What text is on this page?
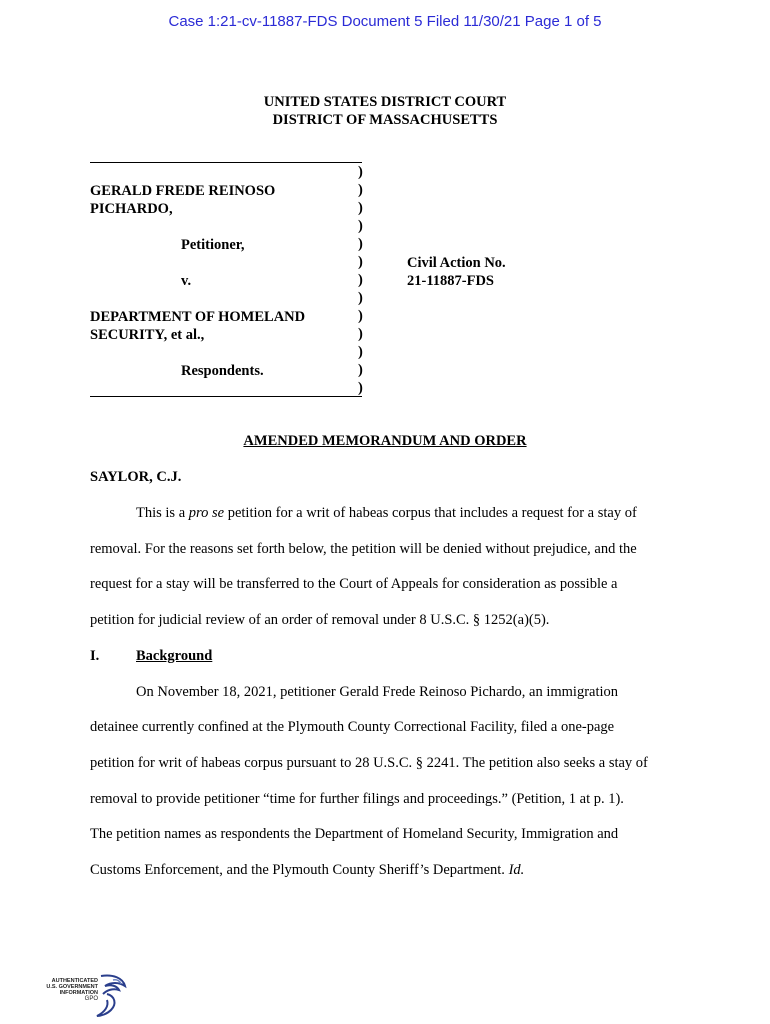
Case 1:21-cv-11887-FDS Document 5 Filed 11/30/21 Page 1 of 5
UNITED STATES DISTRICT COURT
DISTRICT OF MASSACHUSETTS
GERALD FREDE REINOSO
PICHARDO,
Petitioner,
v.
DEPARTMENT OF HOMELAND
SECURITY, et al.,
Respondents.
)
)
)
)
)
)
)
)
)
)
)
)
)
Civil Action No.
21-11887-FDS
AMENDED MEMORANDUM AND ORDER
SAYLOR, C.J.
This is a pro se petition for a writ of habeas corpus that includes a request for a stay of
removal. For the reasons set forth below, the petition will be denied without prejudice, and the
request for a stay will be transferred to the Court of Appeals for consideration as possible a
petition for judicial review of an order of removal under 8 U.S.C. § 1252(a)(5).
I.	Background
On November 18, 2021, petitioner Gerald Frede Reinoso Pichardo, an immigration
detainee currently confined at the Plymouth County Correctional Facility, filed a one-page
petition for writ of habeas corpus pursuant to 28 U.S.C. § 2241. The petition also seeks a stay of
removal to provide petitioner “time for further filings and proceedings.” (Petition, 1 at p. 1).
The petition names as respondents the Department of Homeland Security, Immigration and
Customs Enforcement, and the Plymouth County Sheriff’s Department. Id.
AUTHENTICATED
U.S. GOVERNMENT
INFORMATION
GPO
